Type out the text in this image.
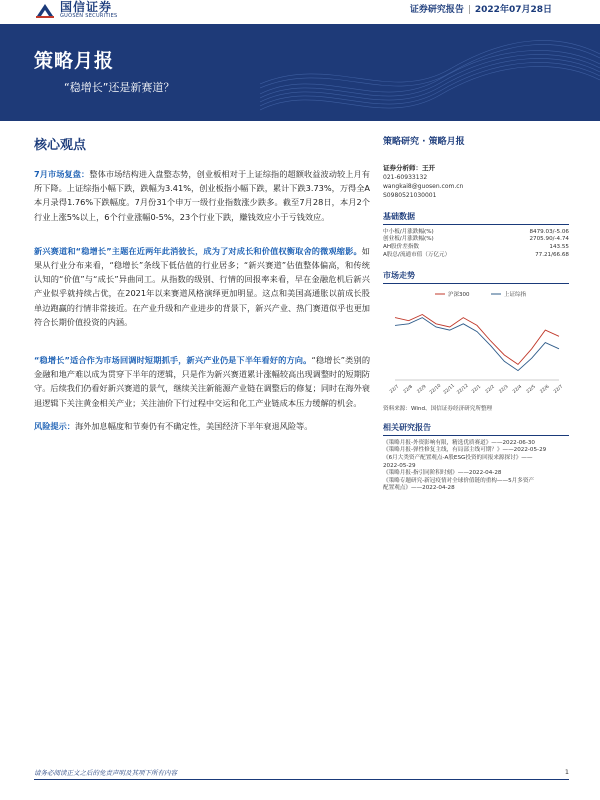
国信证券
GUOSEN SECURITIES
证券研究报告 | 2022年07月28日
策略月报
“稳增长”还是新赛道？
核心观点

7月市场复盘：整体市场结构进入盘整态势，创业板相对于上证综指的超额收益波动较上月有所下降。上证综指小幅下跌，跌幅为3.41%，创业板指小幅下跌，累计下跌3.73%，万得全A本月录得1.76%下跌幅度。7月份31个申万一级行业指数涨少跌多。截至7月28日，本月2个行业上涨5%以上，6个行业涨幅0-5%，23个行业下跌，赚钱效应小于亏钱效应。

新兴赛道和“稳增长”主题在近两年此消彼长，成为了对成长和价值权衡取舍的微观缩影。如果从行业分布来看，“稳增长”条线下低估值的行业居多；“新兴赛道”估值整体偏高，和传统认知的“价值”与“成长”异曲同工。从指数的级别、行情的回报率来看，早在金融危机后新兴产业似乎就持续占优，在2021年以来赛道风格演绎更加明显。这点和美国高通胀以前成长股单边跑赢的行情非常接近。在产业升级和产业进步的背景下，新兴产业、热门赛道似乎也更加符合长期价值投资的内涵。

“稳增长”适合作为市场回调时短期抓手，新兴产业仍是下半年看好的方向。“稳增长”类别的金融和地产难以成为贯穿下半年的逻辑，只是作为新兴赛道累计涨幅较高出现调整时的短期防守。后续我们仍看好新兴赛道的景气，继续关注新能源产业链在调整后的修复；同时在海外衰退逻辑下关注黄金相关产业；关注油价下行过程中交运和化工产业链成本压力缓解的机会。

风险提示：海外加息幅度和节奏仍有不确定性，美国经济下半年衰退风险等。

策略研究 · 策略月报
证券分析师：王开
021-60933132
wangkai8@guosen.com.cn
S0980521030001
基础数据
中小板/月涨跌幅(%)	8479.03/-5.06
创业板/月涨跌幅(%)	2705.90/-4.74
AH股价差指数	143.55
A股总/流通市值（万亿元）	77.21/66.68
市场走势
沪深300	上证综指
22/7 22/8 22/9 22/10 22/11 22/12 22/1 22/2 22/3 22/4 22/5 22/6 22/7
资料来源：Wind、国信证券经济研究所整理
相关研究报告
《策略月报-外资影响有限，精选优质赛道》——2022-06-30
《策略月报-弹性修复主线，有局部主线可期？》——2022-05-29
《6月大类资产配置观点-A股ESG投资的回报来源探讨》——
2022-05-29
《策略月报-指引同阶积时刻》——2022-04-28
《策略专题研究-新冠疫情对全球价值链的重构——5月多资产
配置观点》——2022-04-28
请务必阅读正文之后的免责声明及其项下所有内容	1
